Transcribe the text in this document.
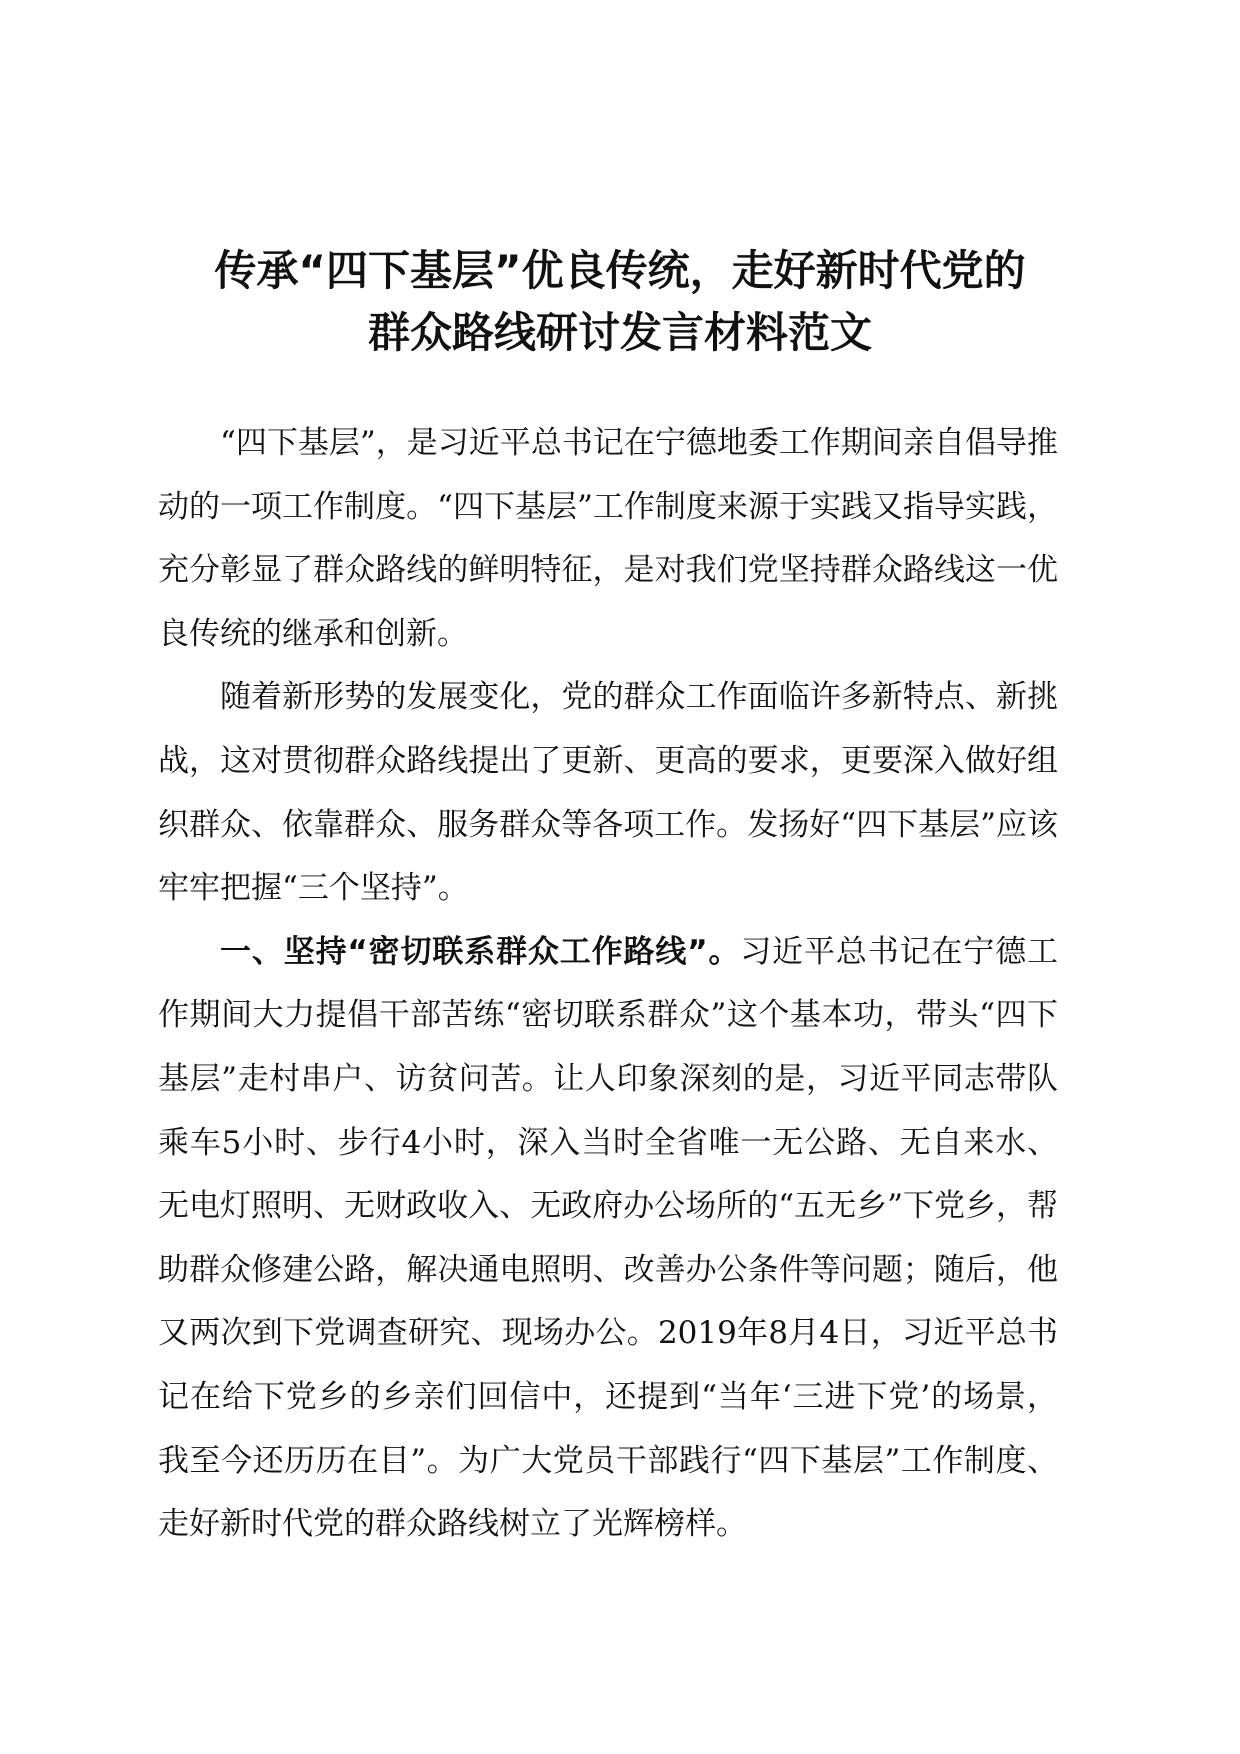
传承“四下基层”优良传统，走好新时代党的
群众路线研讨发言材料范文

“四下基层”，是习近平总书记在宁德地委工作期间亲自倡导推动的一项工作制度。“四下基层”工作制度来源于实践又指导实践，充分彰显了群众路线的鲜明特征，是对我们党坚持群众路线这一优良传统的继承和创新。

随着新形势的发展变化，党的群众工作面临许多新特点、新挑战，这对贯彻群众路线提出了更新、更高的要求，更要深入做好组织群众、依靠群众、服务群众等各项工作。发扬好“四下基层”应该牢牢把握“三个坚持”。

一、坚持“密切联系群众工作路线”。习近平总书记在宁德工作期间大力提倡干部苦练“密切联系群众”这个基本功，带头“四下基层”走村串户、访贫问苦。让人印象深刻的是，习近平同志带队乘车5小时、步行4小时，深入当时全省唯一无公路、无自来水、无电灯照明、无财政收入、无政府办公场所的“五无乡”下党乡，帮助群众修建公路，解决通电照明、改善办公条件等问题；随后，他又两次到下党调查研究、现场办公。2019年8月4日，习近平总书记在给下党乡的乡亲们回信中，还提到“当年‘三进下党’的场景，我至今还历历在目”。为广大党员干部践行“四下基层”工作制度、走好新时代党的群众路线树立了光辉榜样。
